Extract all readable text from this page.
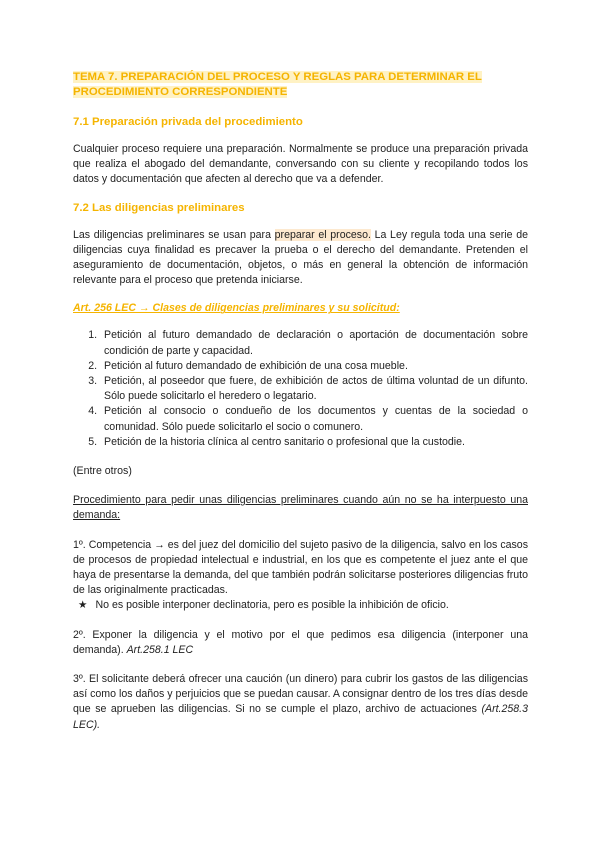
TEMA 7. PREPARACIÓN DEL PROCESO Y REGLAS PARA DETERMINAR EL
PROCEDIMIENTO CORRESPONDIENTE
7.1 Preparación privada del procedimiento

Cualquier proceso requiere una preparación. Normalmente se produce una preparación privada que realiza el abogado del demandante, conversando con su cliente y recopilando todos los datos y documentación que afecten al derecho que va a defender.

7.2 Las diligencias preliminares

Las diligencias preliminares se usan para preparar el proceso. La Ley regula toda una serie de diligencias cuya finalidad es precaver la prueba o el derecho del demandante. Pretenden el aseguramiento de documentación, objetos, o más en general la obtención de información relevante para el proceso que pretenda iniciarse.

Art. 256 LEC → Clases de diligencias preliminares y su solicitud:
1. Petición al futuro demandado de declaración o aportación de documentación sobre condición de parte y capacidad.
2. Petición al futuro demandado de exhibición de una cosa mueble.
3. Petición, al poseedor que fuere, de exhibición de actos de última voluntad de un difunto. Sólo puede solicitarlo el heredero o legatario.
4. Petición al consocio o condueño de los documentos y cuentas de la sociedad o comunidad. Sólo puede solicitarlo el socio o comunero.
5. Petición de la historia clínica al centro sanitario o profesional que la custodie.

(Entre otros)

Procedimiento para pedir unas diligencias preliminares cuando aún no se ha interpuesto una demanda:

1º. Competencia → es del juez del domicilio del sujeto pasivo de la diligencia, salvo en los casos de procesos de propiedad intelectual e industrial, en los que es competente el juez ante el que haya de presentarse la demanda, del que también podrán solicitarse posteriores diligencias fruto de las originalmente practicadas.

★ No es posible interponer declinatoria, pero es posible la inhibición de oficio.

2º. Exponer la diligencia y el motivo por el que pedimos esa diligencia (interponer una demanda). Art.258.1 LEC

3º. El solicitante deberá ofrecer una caución (un dinero) para cubrir los gastos de las diligencias así como los daños y perjuicios que se puedan causar. A consignar dentro de los tres días desde que se aprueben las diligencias. Si no se cumple el plazo, archivo de actuaciones (Art.258.3 LEC).
